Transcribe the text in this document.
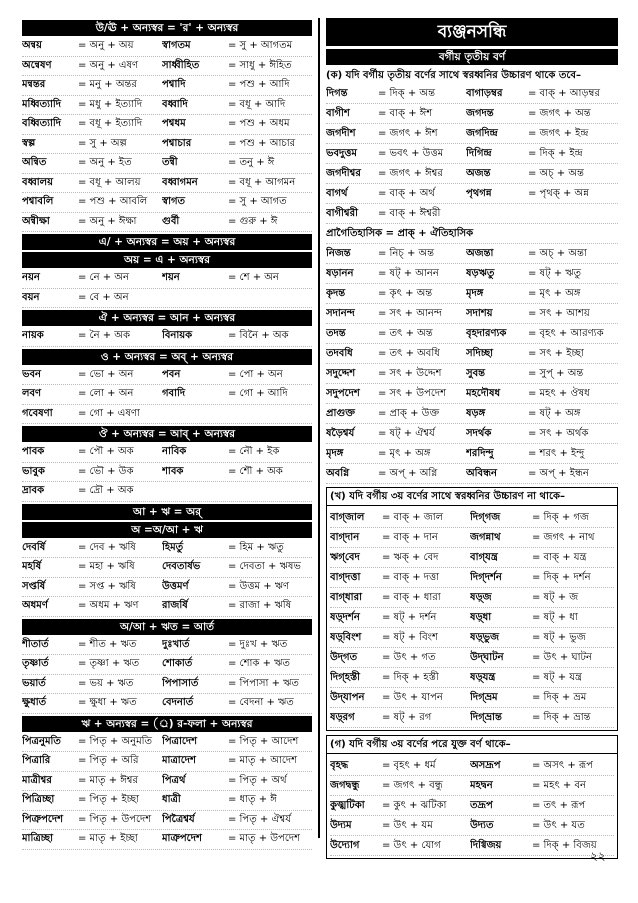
উ/ঊ + অন্যস্বর = 'র' + অন্যস্বর
অন্বয়	= অনু + অয়	স্বাগতম	= সু + আগতম
অন্বেষণ	= অনু + এষণ	সাধ্বীহিত	= সাধু + ঈহিত
মন্বন্তর	= মনু + অন্তর	পশ্বাদি	= পশু + আদি
মধ্বিত্যাদি	= মধু + ইত্যাদি	বধ্বাদি	= বধূ + আদি
বধ্বিত্যাদি	= বধূ + ইত্যাদি	পশ্বধম	= পশু + অধম
স্বল্প	= সু + অল্প	পশ্বাচার	= পশু + আচার
অন্বিত	= অনু + ইত	তন্বী	= তনু + ঈ
বধ্বালয়	= বধূ + আলয়	বধ্বাগমন	= বধূ + আগমন
পশ্বাবলি	= পশু + আবলি	স্বাগত	= সু + আগত
অন্বীক্ষা	= অনু + ঈক্ষা	গুর্বী	= গুরু + ঈ
এ/ + অন্যস্বর = অয় + অন্যস্বর
অয় = এ + অন্যস্বর
নয়ন	= নে + অন	শয়ন	= শে + অন
বয়ন	= বে + অন
ঐ + অন্যস্বর = আন + অন্যস্বর
নায়ক	= নৈ + অক	বিনায়ক	= বিনৈ + অক
ও + অন্যস্বর = অব্‌ + অন্যস্বর
ভবন	= ভো + অন	পবন	= পো + অন
লবণ	= লো + অন	গবাদি	= গো + আদি
গবেষণা	= গো + এষণা
ঔ + অন্যস্বর = আব্‌ + অন্যস্বর
পাবক	= পৌ + অক	নাবিক	= নৌ + ইক
ভাবুক	= ভৌ + উক	শাবক	= শৌ + অক
দ্রাবক	= দ্রৌ + অক
আ + ঋ = অর্
অ =অ/আ + ঋ
দেবর্ষি	= দেব + ঋষি	হিমর্তু	= হিম + ঋতু
মহর্ষি	= মহা + ঋষি	দেবতার্ষভ	= দেবতা + ঋষভ
সপ্তর্ষি	= সপ্ত + ঋষি	উত্তমর্ণ	= উত্তম + ঋণ
অধমর্ণ	= অধম + ঋণ	রাজর্ষি	= রাজা + ঋষি
অ/আ + ঋত = আর্ত
শীতার্ত	= শীত + ঋত	দুঃখার্ত	= দুঃখ + ঋত
তৃষ্ণার্ত	= তৃষ্ণা + ঋত	শোকার্ত	= শোক + ঋত
ভয়ার্ত	= ভয় + ঋত	পিপাসার্ত	= পিপাসা + ঋত
ক্ষুধার্ত	= ক্ষুধা + ঋত	বেদনার্ত	= বেদনা + ঋত
ঋ + অন্যস্বর = (্র) র-ফলা + অন্যস্বর
পিত্রনুমতি	= পিতৃ + অনুমতি	পিত্রাদেশ	= পিতৃ + আদেশ
পিত্রারি	= পিতৃ + অরি	মাত্রাদেশ	= মাতৃ + আদেশ
মাত্রীশ্বর	= মাতৃ + ঈশ্বর	পিত্রর্থ	= পিতৃ + অর্থ
পিত্রিচ্ছা	= পিতৃ + ইচ্ছা	ধাত্রী	= ধাতৃ + ঈ
পিত্রুপদেশ	= পিতৃ + উপদেশ	পিত্রৈশ্বর্য	= পিতৃ + ঐশ্বর্য
মাত্রিচ্ছা	= মাতৃ + ইচ্ছা	মাত্রুপদেশ	= মাতৃ + উপদেশ
ব্যঞ্জনসন্ধি
বর্গীয় তৃতীয় বর্ণ
(ক) যদি বর্গীয় তৃতীয় বর্ণের সাথে স্বরধ্বনির উচ্চারণ থাকে তবে–
দিগন্ত	= দিক্‌ + অন্ত	বাগাড়ম্বর	= বাক্‌ + আড়ম্বর
বাগীশ	= বাক্‌ + ঈশ	জগদন্ত	= জগৎ + অন্ত
জগদীশ	= জগৎ + ঈশ	জগদিন্দ্র	= জগৎ + ইন্দ্র
ভবদুত্তম	= ভবৎ + উত্তম	দিগিন্দ্র	= দিক্‌ + ইন্দ্র
জগদীশ্বর	= জগৎ + ঈশ্বর	অজন্ত	= অচ্‌ + অন্ত
বাগর্থ	= বাক্‌ + অর্থ	পৃথগন্ন	= পৃথক্‌ + অন্ন
বাগীশ্বরী	= বাক্‌ + ঈশ্বরী
প্রাগৈতিহাসিক = প্রাক্‌ + ঐতিহাসিক
নিজন্ত	= নিচ্‌ + অন্ত	অজন্তা	= অচ্‌ + অন্তা
ষড়ানন	= ষট্‌ + আনন	ষড়ঋতু	= ষট্‌ + ঋতু
কৃদন্ত	= কৃৎ + অন্ত	মৃদঙ্গ	= মৃৎ + অঙ্গ
সদানন্দ	= সৎ + আনন্দ	সদাশয়	= সৎ + আশয়
তদন্ত	= তৎ + অন্ত	বৃহদারণ্যক	= বৃহৎ + আরণ্যক
তদবধি	= তৎ + অবধি	সদিচ্ছা	= সৎ + ইচ্ছা
সদুদ্দেশ	= সৎ + উদ্দেশ	সুবন্ত	= সুপ্‌ + অন্ত
সদুপদেশ	= সৎ + উপদেশ	মহদৌষধ	= মহৎ + ঔষধ
প্রাগুক্ত	= প্রাক্‌ + উক্ত	ষড়ঙ্গ	= ষট্‌ + অঙ্গ
ষড়ৈশ্বর্য	= ষট্‌ + ঐশ্বর্য	সদর্থক	= সৎ + অর্থক
মৃদঙ্গ	= মৃৎ + অঙ্গ	শরদিন্দু	= শরৎ + ইন্দু
অবগ্নি	= অপ্‌ + অগ্নি	অবিন্ধন	= অপ্‌ + ইন্ধন
(খ) যদি বর্গীয় ৩য় বর্ণের সাথে স্বরধ্বনির উচ্চারণ না থাকে–
বাগ্‌জাল	= বাক্‌ + জাল	দিগ্‌গজ	= দিক্‌ + গজ
বাগ্‌দান	= বাক্‌ + দান	জগন্নাথ	= জগৎ + নাথ
ঋগ্‌বেদ	= ঋক্‌ + বেদ	বাগ্‌যন্ত্র	= বাক্‌ + যন্ত্র
বাগ্‌দত্তা	= বাক্‌ + দত্তা	দিগ্‌দর্শন	= দিক্‌ + দর্শন
বাগ্‌ধারা	= বাক্‌ + ধারা	ষড়্‌জ	= ষট্‌ + জ
ষড়্‌দর্শন	= ষট্‌ + দর্শন	ষড়্‌ধা	= ষট্‌ + ধা
ষড়্‌বিংশ	= ষট্‌ + বিংশ	ষড়্‌ভুজ	= ষট্‌ + ভুজ
উদ্‌গত	= উৎ + গত	উদ্‌ঘাটন	= উৎ + ঘাটন
দিগ্‌হস্তী	= দিক্‌ + হস্তী	ষড়্‌যন্ত্র	= ষট্‌ + যন্ত্র
উদ্‌যাপন	= উৎ + যাপন	দিগ্‌ভ্রম	= দিক্‌ + ভ্রম
ষড়্‌রগ	= ষট্‌ + রগ	দিগ্‌ভ্রান্ত	= দিক্‌ + ভ্রান্ত
(গ) যদি বর্গীয় ৩য় বর্ণের পরে যুক্ত বর্ণ থাকে–
বৃহদ্ধ	= বৃহৎ + ধর্ম	অসদ্রূপ	= অসৎ + রূপ
জগদ্বন্ধু	= জগৎ + বন্ধু	মহদ্বন	= মহৎ + বন
কুজ্ঝটিকা	= কুৎ + ঝটিকা	তদ্রূপ	= তৎ + রূপ
উদ্যম	= উৎ + যম	উদ্যত	= উৎ + যত
উদ্যোগ	= উৎ + যোগ	দিগ্বিজয়	= দিক্‌ + বিজয়
২২
